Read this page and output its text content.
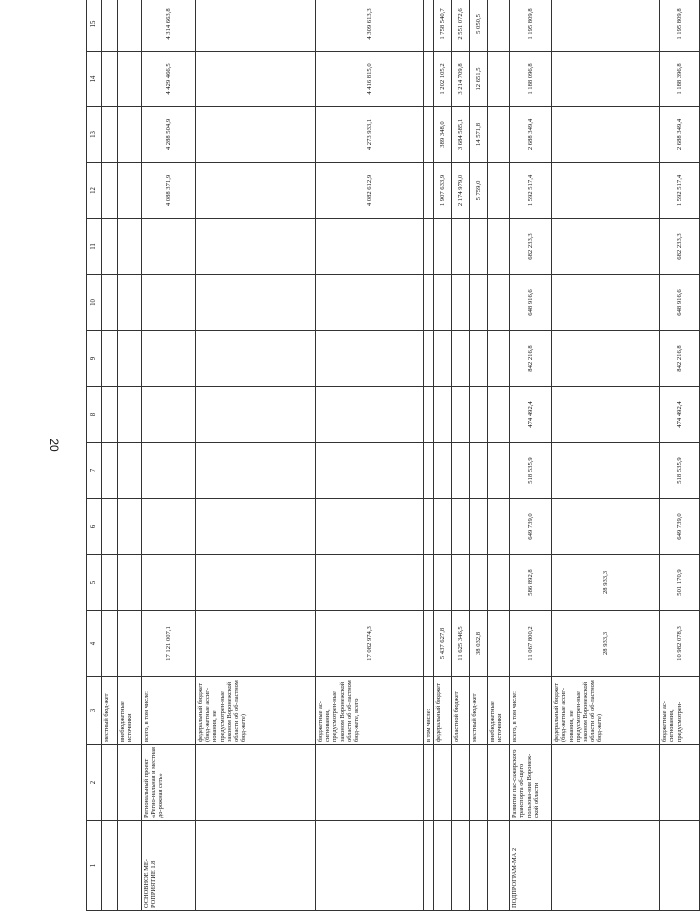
20
1	2	3	4	5	6	7	8	9	10	11	12	13	14	15
		местный бюд-жет												
		внебюджетные источники												
ОСНОВНОЕ МЕ-РОПРИЯТИЕ 1.8	Региональный проект «Регио-нальная и местная до-рожная сеть»	всего, в том числе:	17 121 007,1								4 088 371,9	4 288 504,9	4 429 466,5	4 314 663,8
		федеральный бюджет (бюд-жетные ассиг-нования, не предусмотрен-ные законом Воронежской области об об-ластном бюд-жете)												
		бюджетные ас-сигнования, предусмотрен-ные законом Воронежской области об об-ластном бюд-жете, всего	17 082 974,3								4 082 612,9	4 273 933,1	4 416 815,0	4 309 613,3
		в том числе:												
		федеральный бюджет	5 437 627,8								1 907 633,9	389 348,0	1 202 105,2	1 758 540,7
		областной бюджет	11 625 346,5								2 174 979,0	3 684 585,1	3 214 709,8	2 551 072,6
		местный бюд-жет	38 032,8								5 759,0	14 571,8	12 651,5	5 050,5
		внебюджетные источники												
ПОДПРОГРАМ-МА 2	Развитие пас-сажирского транспорта об-щего пользова-ния Воронеж-ской области	всего, в том числе:	11 067 800,2	586 892,8	649 739,0	518 535,9	474 492,4	842 216,8	648 916,6	682 233,3	1 592 517,4	2 688 349,4	1 188 096,8	1 195 809,8
		федеральный бюджет (бюд-жетные ассиг-нования, не предусмотрен-ные законом Воронежской области об об-ластном бюд-жете)	28 933,3	28 933,3										
		бюджетные ас-сигнования, предусмотрен-	10 982 078,3	501 170,9	649 739,0	518 535,9	474 492,4	842 216,8	648 916,6	682 233,3	1 592 517,4	2 688 349,4	1 188 396,8	1 195 809,8
